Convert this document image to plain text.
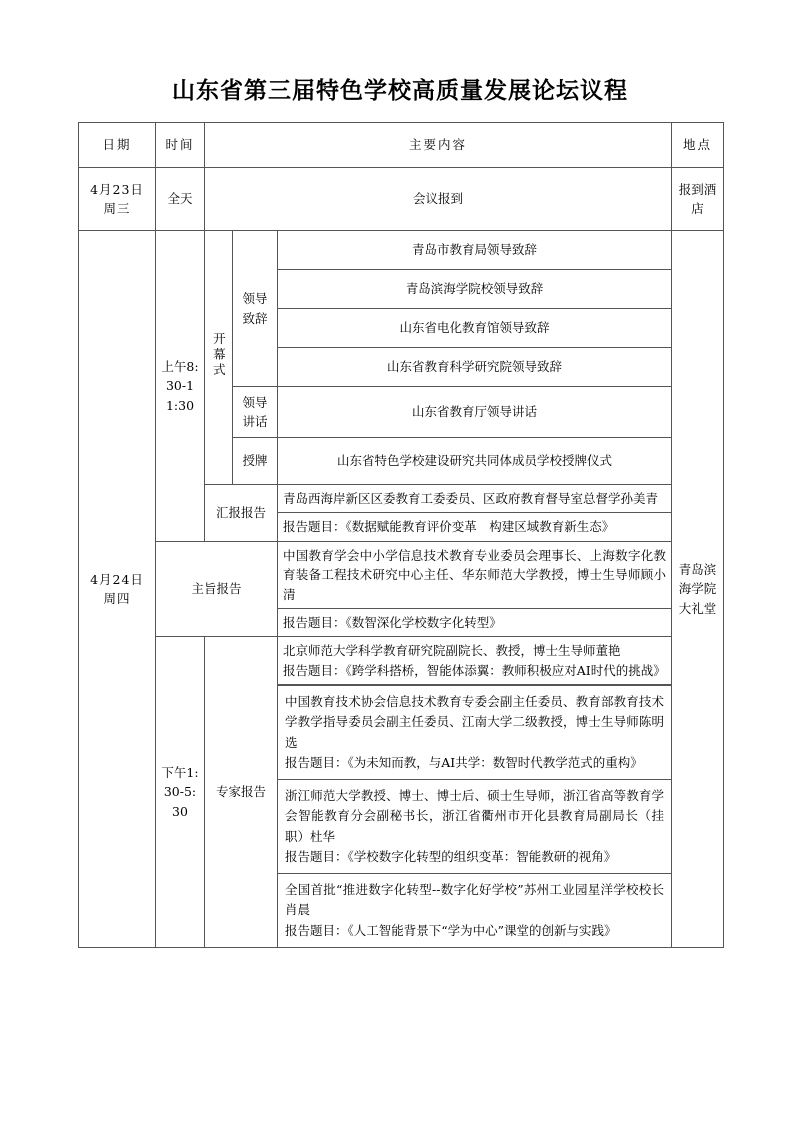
山东省第三届特色学校高质量发展论坛议程
日期	时间	主要内容			地点
4月23日周三	全天	会议报到			报到酒店
4月24日周四	上午8:30-11:30	开幕式	领导致辞	青岛市教育局领导致辞	青岛滨海学院大礼堂
				青岛滨海学院校领导致辞	
				山东省电化教育馆领导致辞	
				山东省教育科学研究院领导致辞	
			领导讲话	山东省教育厅领导讲话	
			授牌	山东省特色学校建设研究共同体成员学校授牌仪式	
		汇报报告		青岛西海岸新区区委教育工委委员、区政府教育督导室总督学孙美青	
				报告题目：《数据赋能教育评价变革　构建区域教育新生态》	
	主旨报告			中国教育学会中小学信息技术教育专业委员会理事长、上海数字化教育装备工程技术研究中心主任、华东师范大学教授，博士生导师顾小清	
				报告题目：《数智深化学校数字化转型》	
	下午1:30-5:30	专家报告		北京师范大学科学教育研究院副院长、教授，博士生导师董艳
报告题目：《跨学科搭桥，智能体添翼：教师积极应对AI时代的挑战》	

中国教育技术协会信息技术教育专委会副主任委员、教育部教育技术学教学指导委员会副主任委员、江南大学二级教授，博士生导师陈明选
报告题目：《为未知而教，与AI共学：数智时代教学范式的重构》
浙江师范大学教授、博士、博士后、硕士生导师，浙江省高等教育学会智能教育分会副秘书长，浙江省衢州市开化县教育局副局长（挂职）杜华
报告题目：《学校数字化转型的组织变革：智能教研的视角》
全国首批“推进数字化转型--数字化好学校”苏州工业园星洋学校校长肖晨
报告题目：《人工智能背景下“学为中心”课堂的创新与实践》
